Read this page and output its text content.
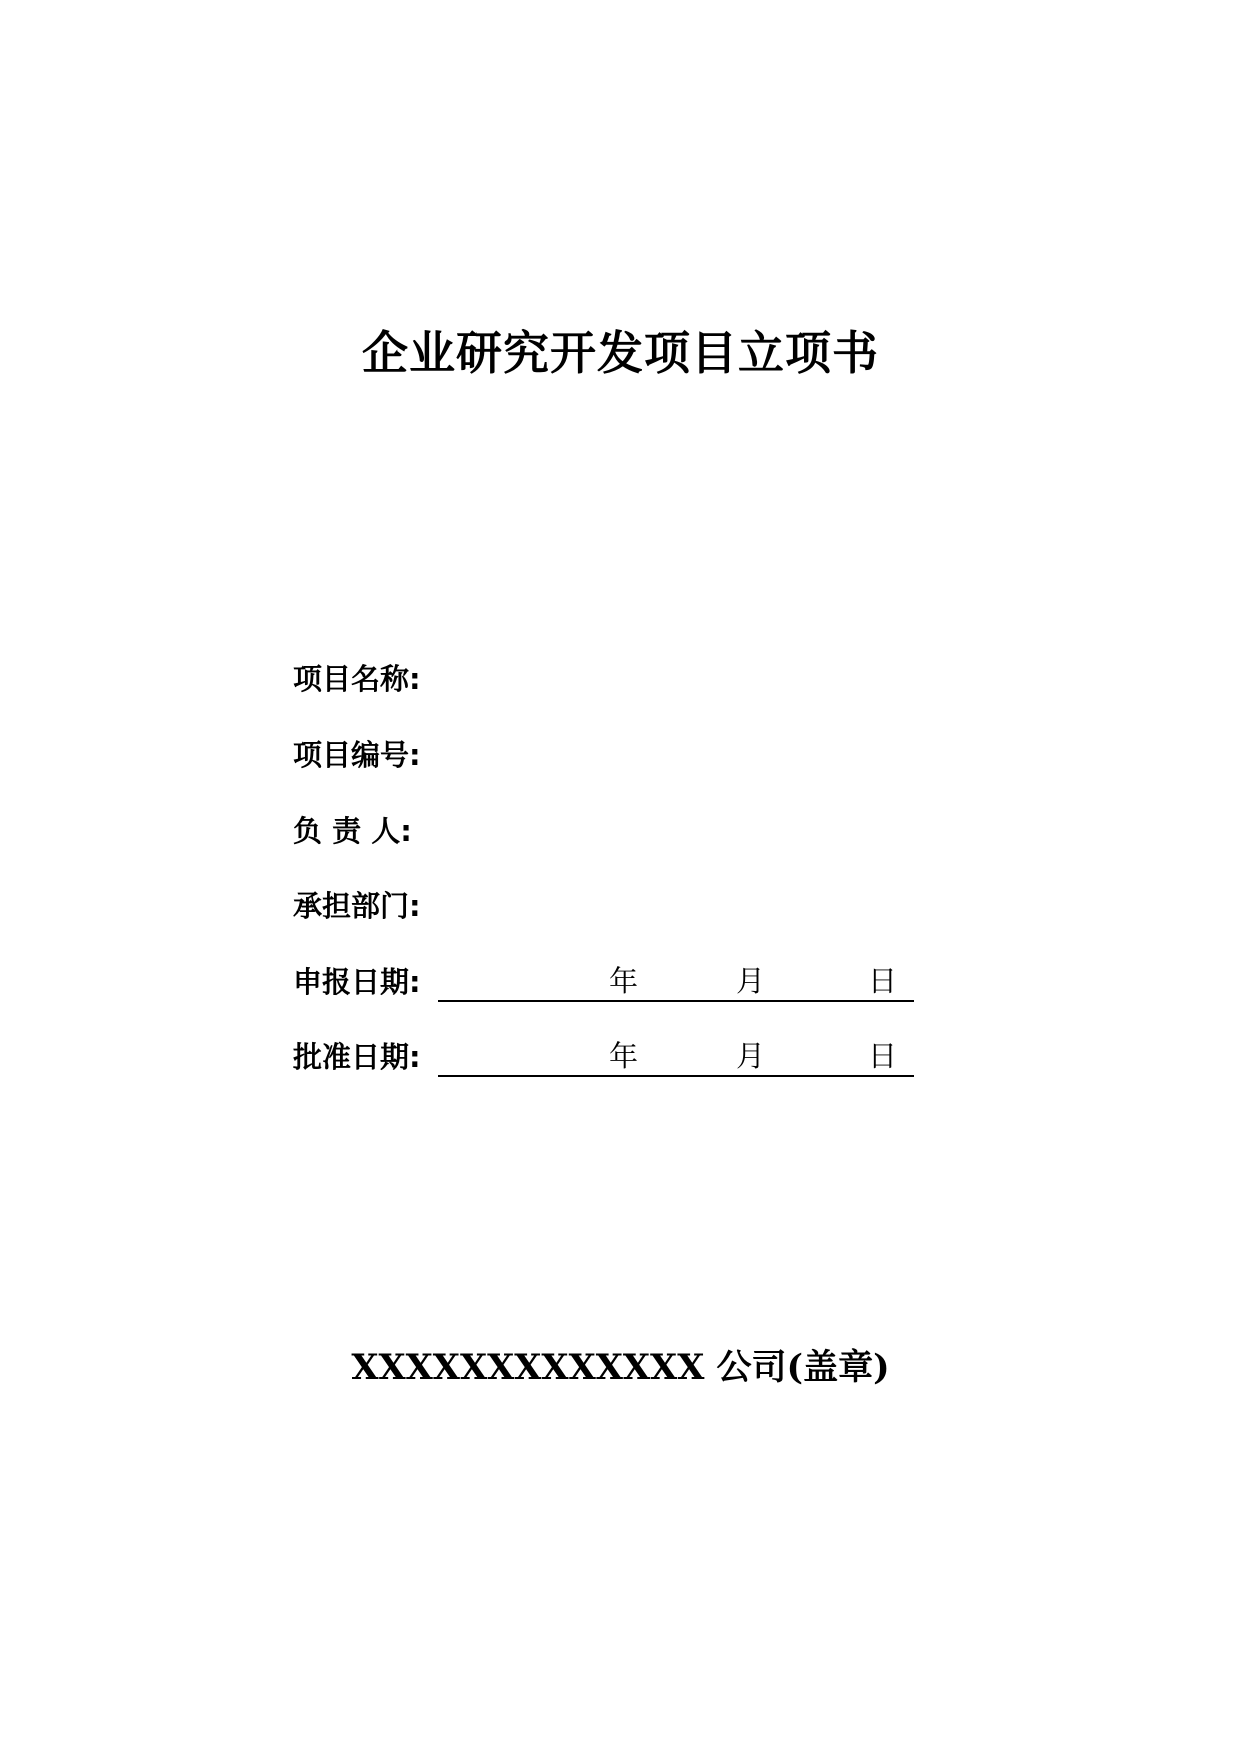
企业研究开发项目立项书
项目名称:
项目编号:
负 责 人:
承担部门:
申报日期:	年	月	日
批准日期:	年	月	日
XXXXXXXXXXXXX 公司(盖章)
